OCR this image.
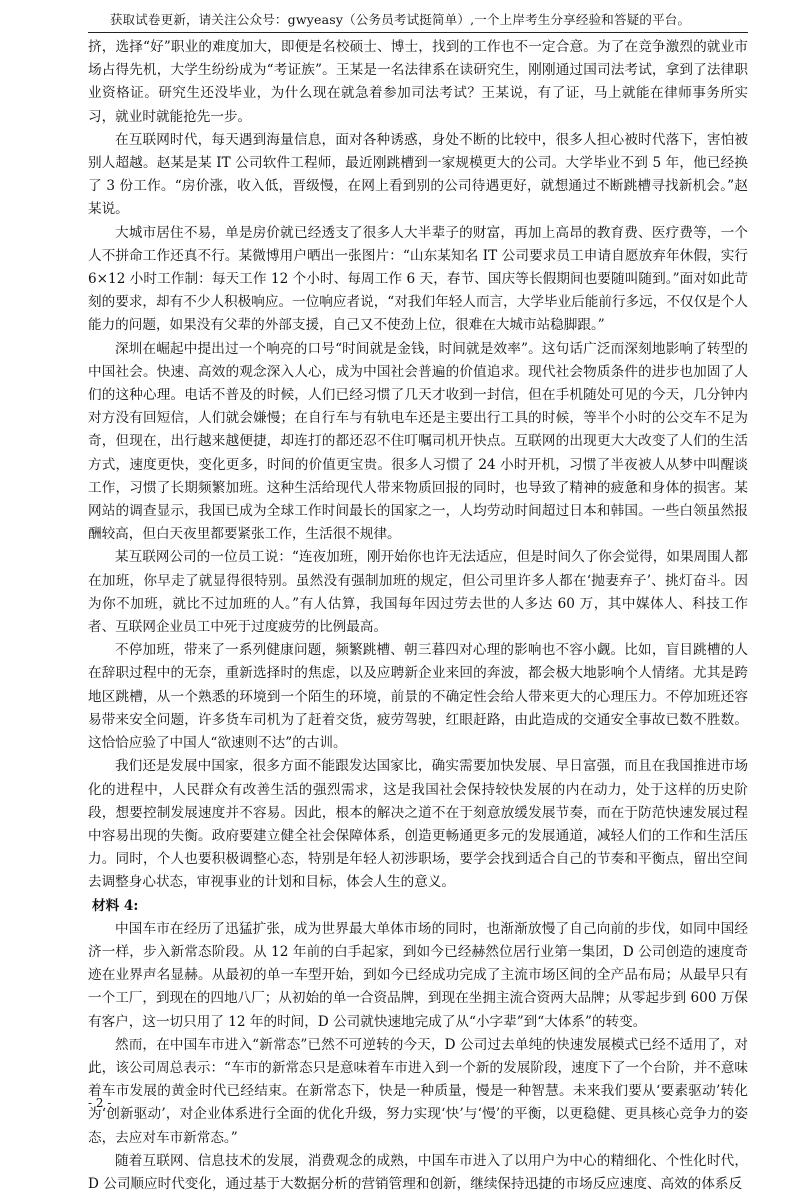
获取试卷更新，请关注公众号：gwyeasy（公务员考试挺简单）,一个上岸考生分享经验和答疑的平台。

挤，选择“好”职业的难度加大，即便是名校硕士、博士，找到的工作也不一定合意。为了在竞争激烈的就业市场占得先机，大学生纷纷成为“考证族”。王某是一名法律系在读研究生，刚刚通过国司法考试，拿到了法律职业资格证。研究生还没毕业，为什么现在就急着参加司法考试？王某说，有了证，马上就能在律师事务所实习，就业时就能抢先一步。

在互联网时代，每天遇到海量信息，面对各种诱惑，身处不断的比较中，很多人担心被时代落下，害怕被别人超越。赵某是某 IT 公司软件工程师，最近刚跳槽到一家规模更大的公司。大学毕业不到 5 年，他已经换了 3 份工作。“房价涨，收入低，晋级慢，在网上看到别的公司待遇更好，就想通过不断跳槽寻找新机会。”赵某说。

大城市居住不易，单是房价就已经透支了很多人大半辈子的财富，再加上高昂的教育费、医疗费等，一个人不拼命工作还真不行。某微博用户晒出一张图片：“山东某知名 IT 公司要求员工申请自愿放弃年休假，实行 6×12 小时工作制：每天工作 12 个小时、每周工作 6 天，春节、国庆等长假期间也要随叫随到。”面对如此苛刻的要求，却有不少人积极响应。一位响应者说，“对我们年轻人而言，大学毕业后能前行多远，不仅仅是个人能力的问题，如果没有父辈的外部支援，自己又不使劲上位，很难在大城市站稳脚跟。”

深圳在崛起中提出过一个响亮的口号“时间就是金钱，时间就是效率”。这句话广泛而深刻地影响了转型的中国社会。快速、高效的观念深入人心，成为中国社会普遍的价值追求。现代社会物质条件的进步也加固了人们的这种心理。电话不普及的时候，人们已经习惯了几天才收到一封信，但在手机随处可见的今天，几分钟内对方没有回短信，人们就会嫌慢；在自行车与有轨电车还是主要出行工具的时候，等半个小时的公交车不足为奇，但现在，出行越来越便捷，却连打的都还忍不住叮嘱司机开快点。互联网的出现更大大改变了人们的生活方式，速度更快，变化更多，时间的价值更宝贵。很多人习惯了 24 小时开机，习惯了半夜被人从梦中叫醒谈工作，习惯了长期频繁加班。这种生活给现代人带来物质回报的同时，也导致了精神的疲惫和身体的损害。某网站的调查显示，我国已成为全球工作时间最长的国家之一，人均劳动时间超过日本和韩国。一些白领虽然报酬较高，但白天夜里都要紧张工作，生活很不规律。

某互联网公司的一位员工说：“连夜加班，刚开始你也许无法适应，但是时间久了你会觉得，如果周围人都在加班，你早走了就显得很特别。虽然没有强制加班的规定，但公司里许多人都在‘抛妻弃子’、挑灯奋斗。因为你不加班，就比不过加班的人。”有人估算，我国每年因过劳去世的人多达 60 万，其中媒体人、科技工作者、互联网企业员工中死于过度疲劳的比例最高。

不停加班，带来了一系列健康问题，频繁跳槽、朝三暮四对心理的影响也不容小觑。比如，盲目跳槽的人在辞职过程中的无奈，重新选择时的焦虑，以及应聘新企业来回的奔波，都会极大地影响个人情绪。尤其是跨地区跳槽，从一个熟悉的环境到一个陌生的环境，前景的不确定性会给人带来更大的心理压力。不停加班还容易带来安全问题，许多货车司机为了赶着交货，疲劳驾驶，红眼赶路，由此造成的交通安全事故已数不胜数。这恰恰应验了中国人“欲速则不达”的古训。

我们还是发展中国家，很多方面不能跟发达国家比，确实需要加快发展、早日富强，而且在我国推进市场化的进程中，人民群众有改善生活的强烈需求，这是我国社会保持较快发展的内在动力，处于这样的历史阶段，想要控制发展速度并不容易。因此，根本的解决之道不在于刻意放缓发展节奏，而在于防范快速发展过程中容易出现的失衡。政府要建立健全社会保障体系，创造更畅通更多元的发展通道，减轻人们的工作和生活压力。同时，个人也要积极调整心态，特别是年轻人初涉职场，要学会找到适合自己的节奏和平衡点，留出空间去调整身心状态，审视事业的计划和目标，体会人生的意义。

材料 4:

中国车市在经历了迅猛扩张，成为世界最大单体市场的同时，也渐渐放慢了自己向前的步伐，如同中国经济一样，步入新常态阶段。从 12 年前的白手起家，到如今已经赫然位居行业第一集团，D 公司创造的速度奇迹在业界声名显赫。从最初的单一车型开始，到如今已经成功完成了主流市场区间的全产品布局；从最早只有一个工厂，到现在的四地八厂；从初始的单一合资品牌，到现在坐拥主流合资两大品牌；从零起步到 600 万保有客户，这一切只用了 12 年的时间，D 公司就快速地完成了从“小字辈”到“大体系”的转变。

然而，在中国车市进入“新常态”已然不可逆转的今天，D 公司过去单纯的快速发展模式已经不适用了，对此，该公司周总表示：“车市的新常态只是意味着车市进入到一个新的发展阶段，速度下了一个台阶，并不意味着车市发展的黄金时代已经结束。在新常态下，快是一种质量，慢是一种智慧。未来我们要从‘要素驱动’转化为‘创新驱动’，对企业体系进行全面的优化升级，努力实现‘快’与‘慢’的平衡，以更稳健、更具核心竞争力的姿态，去应对车市新常态。”

随着互联网、信息技术的发展，消费观念的成熟，中国车市进入了以用户为中心的精细化、个性化时代，D 公司顺应时代变化，通过基于大数据分析的营销管理和创新，继续保持迅捷的市场反应速度、高效的体系反

- 2 -
